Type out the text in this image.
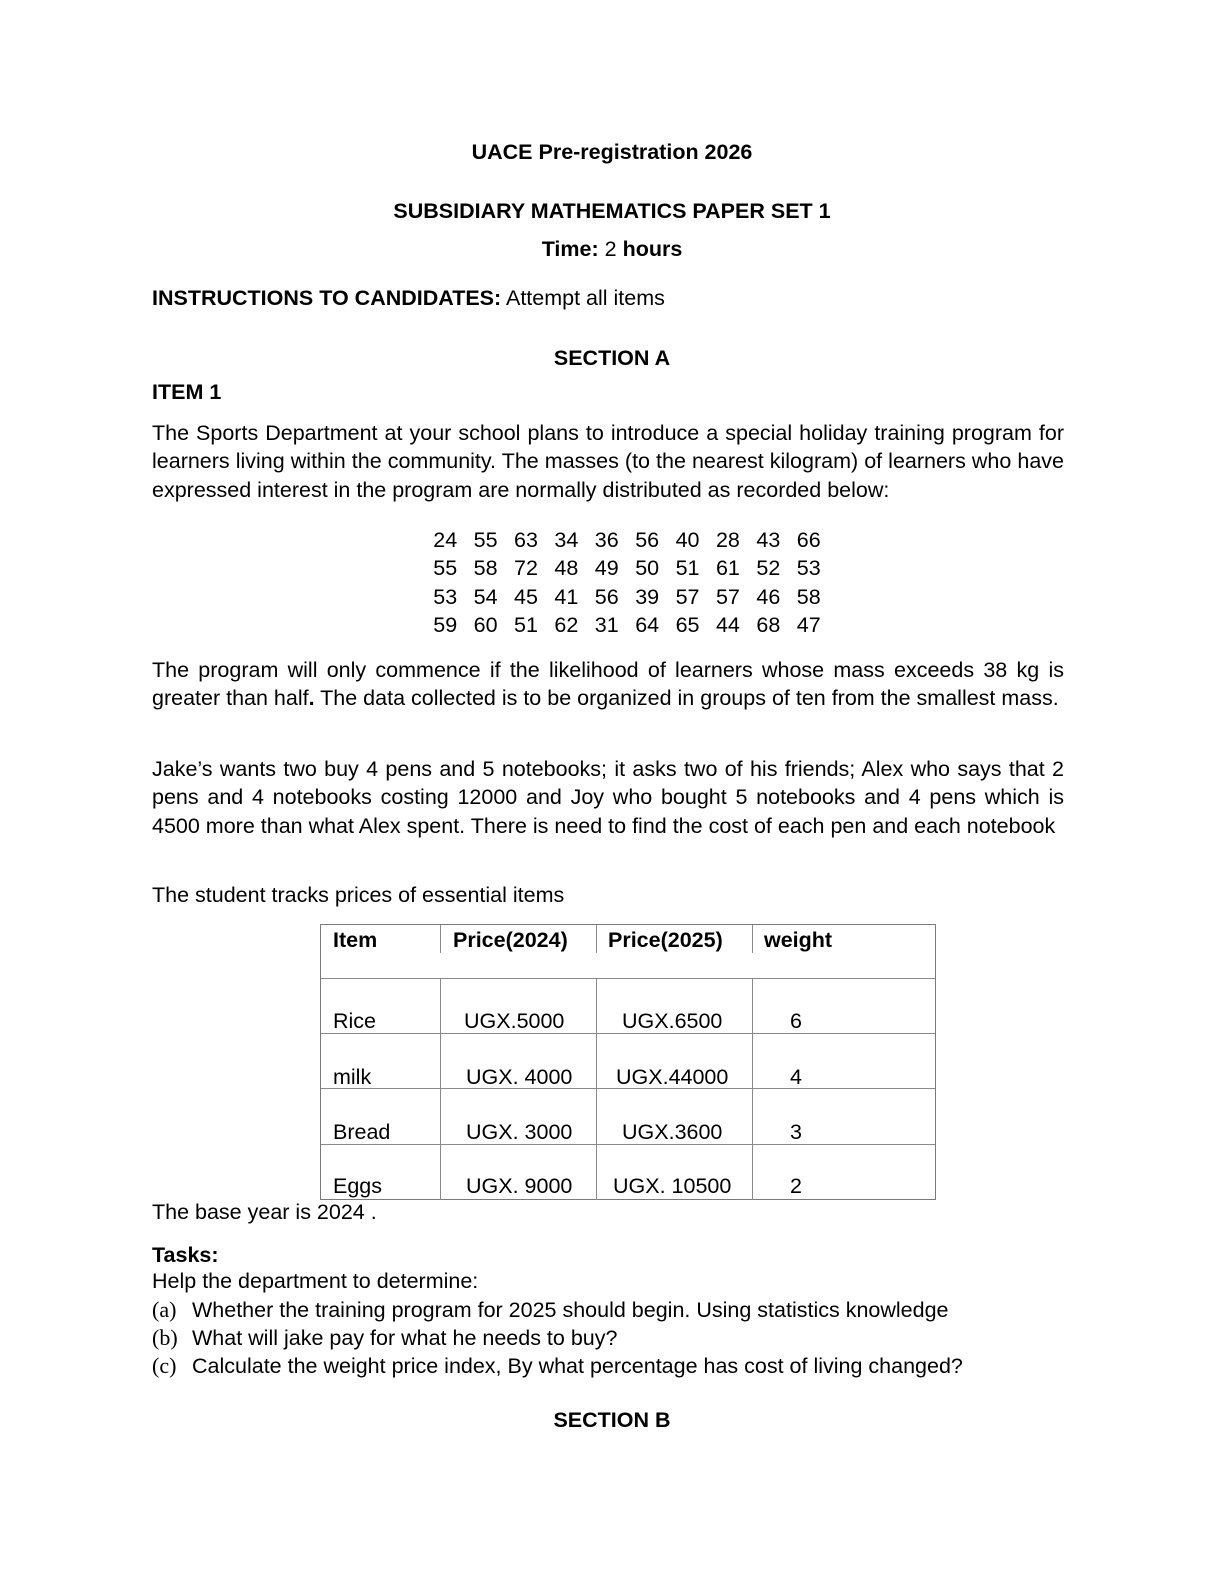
UACE Pre-registration 2026
SUBSIDIARY MATHEMATICS PAPER SET 1
Time: 2 hours
INSTRUCTIONS TO CANDIDATES: Attempt all items
SECTION A
ITEM 1
The Sports Department at your school plans to introduce a special holiday training program for learners living within the community. The masses (to the nearest kilogram) of learners who have expressed interest in the program are normally distributed as recorded below:
24 55 63 34 36 56 40 28 43 66
55 58 72 48 49 50 51 61 52 53
53 54 45 41 56 39 57 57 46 58
59 60 51 62 31 64 65 44 68 47
The program will only commence if the likelihood of learners whose mass exceeds 38 kg is greater than half. The data collected is to be organized in groups of ten from the smallest mass.
Jake’s wants two buy 4 pens and 5 notebooks; it asks two of his friends; Alex who says that 2 pens and 4 notebooks costing 12000 and Joy who bought 5 notebooks and 4 pens which is 4500 more than what Alex spent. There is need to find the cost of each pen and each notebook
The student tracks prices of essential items
Item	Price(2024) Price(2025) weight
Rice	UGX.5000	UGX.6500	6
milk	UGX. 4000 UGX.44000	4
Bread	UGX. 3000 UGX.3600	3
Eggs	UGX. 9000 UGX. 10500	2
The base year is 2024 .
Tasks:
Help the department to determine:
(a) Whether the training program for 2025 should begin. Using statistics knowledge
(b) What will jake pay for what he needs to buy?
(c) Calculate the weight price index, By what percentage has cost of living changed?
SECTION B
